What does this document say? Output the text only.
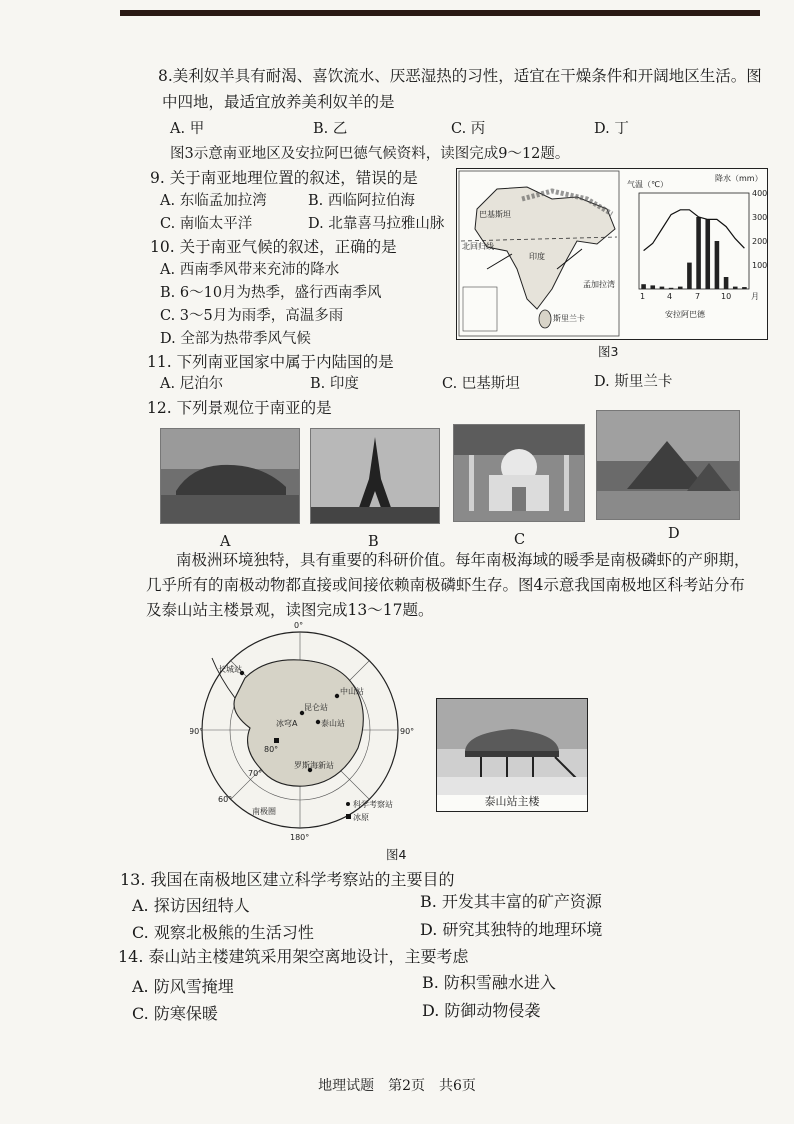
8.美利奴羊具有耐渴、喜饮流水、厌恶湿热的习性，适宜在干燥条件和开阔地区生活。图
中四地，最适宜放养美利奴羊的是
A. 甲	B. 乙	C. 丙	D. 丁
图3示意南亚地区及安拉阿巴德气候资料，读图完成9～12题。
9. 关于南亚地理位置的叙述，错误的是
A. 东临孟加拉湾	B. 西临阿拉伯海
C. 南临太平洋	D. 北靠喜马拉雅山脉
10. 关于南亚气候的叙述，正确的是
A. 西南季风带来充沛的降水
B. 6～10月为热季，盛行西南季风
C. 3～5月为雨季，高温多雨
D. 全部为热带季风气候
巴基斯坦
北回归线
印度
斯里兰卡
孟加拉湾
气温（℃）
降水（mm）
400
300
200
100
1	4	7	10 月
安拉阿巴德
图3
11. 下列南亚国家中属于内陆国的是
A. 尼泊尔	B. 印度	C. 巴基斯坦	D. 斯里兰卡
12. 下列景观位于南亚的是
A	B	C	D
南极洲环境独特，具有重要的科研价值。每年南极海域的暖季是南极磷虾的产卵期，
几乎所有的南极动物都直接或间接依赖南极磷虾生存。图4示意我国南极地区科考站分布
及泰山站主楼景观，读图完成13～17题。
0°
90°	90°
180°
60°
70°
80°
长城站
中山站
昆仑站
泰山站
冰穹A
罗斯海新站
南极圈
科学考察站
冰原
泰山站主楼
图4
13. 我国在南极地区建立科学考察站的主要目的
A. 探访因纽特人	B. 开发其丰富的矿产资源
C. 观察北极熊的生活习性	D. 研究其独特的地理环境
14. 泰山站主楼建筑采用架空离地设计，主要考虑
A. 防风雪掩埋	B. 防积雪融水进入
C. 防寒保暖	D. 防御动物侵袭
地理试题　第2页　共6页
